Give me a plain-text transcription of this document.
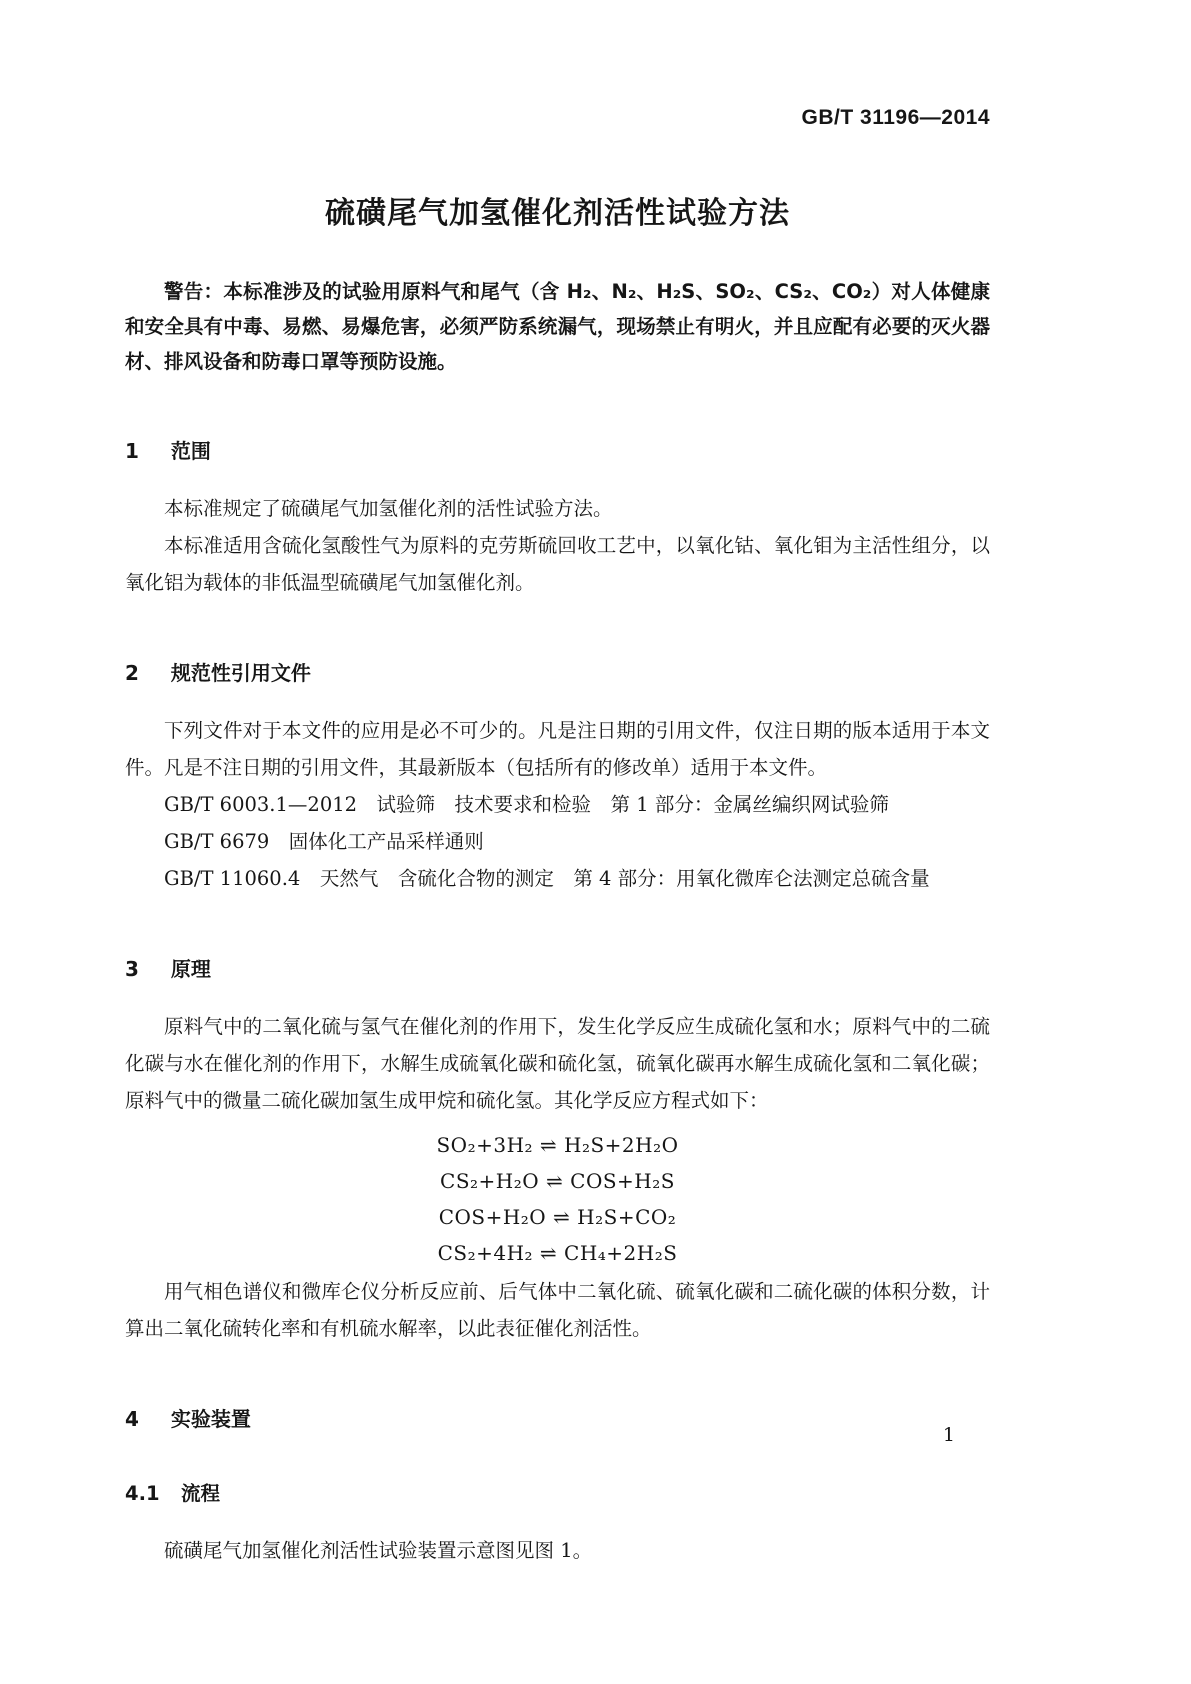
GB/T 31196—2014
硫磺尾气加氢催化剂活性试验方法

警告：本标准涉及的试验用原料气和尾气（含 H₂、N₂、H₂S、SO₂、CS₂、CO₂）对人体健康和安全具有中毒、易燃、易爆危害，必须严防系统漏气，现场禁止有明火，并且应配有必要的灭火器材、排风设备和防毒口罩等预防设施。

1 范围

本标准规定了硫磺尾气加氢催化剂的活性试验方法。

本标准适用含硫化氢酸性气为原料的克劳斯硫回收工艺中，以氧化钴、氧化钼为主活性组分，以氧化铝为载体的非低温型硫磺尾气加氢催化剂。

2 规范性引用文件

下列文件对于本文件的应用是必不可少的。凡是注日期的引用文件，仅注日期的版本适用于本文件。凡是不注日期的引用文件，其最新版本（包括所有的修改单）适用于本文件。

GB/T 6003.1—2012　试验筛　技术要求和检验　第 1 部分：金属丝编织网试验筛

GB/T 6679　固体化工产品采样通则

GB/T 11060.4　天然气　含硫化合物的测定　第 4 部分：用氧化微库仑法测定总硫含量

3 原理

原料气中的二氧化硫与氢气在催化剂的作用下，发生化学反应生成硫化氢和水；原料气中的二硫化碳与水在催化剂的作用下，水解生成硫氧化碳和硫化氢，硫氧化碳再水解生成硫化氢和二氧化碳；原料气中的微量二硫化碳加氢生成甲烷和硫化氢。其化学反应方程式如下：

SO₂+3H₂ ⇌ H₂S+2H₂O
CS₂+H₂O ⇌ COS+H₂S
COS+H₂O ⇌ H₂S+CO₂
CS₂+4H₂ ⇌ CH₄+2H₂S

用气相色谱仪和微库仑仪分析反应前、后气体中二氧化硫、硫氧化碳和二硫化碳的体积分数，计算出二氧化硫转化率和有机硫水解率，以此表征催化剂活性。

4 实验装置
4.1 流程

硫磺尾气加氢催化剂活性试验装置示意图见图 1。

1
